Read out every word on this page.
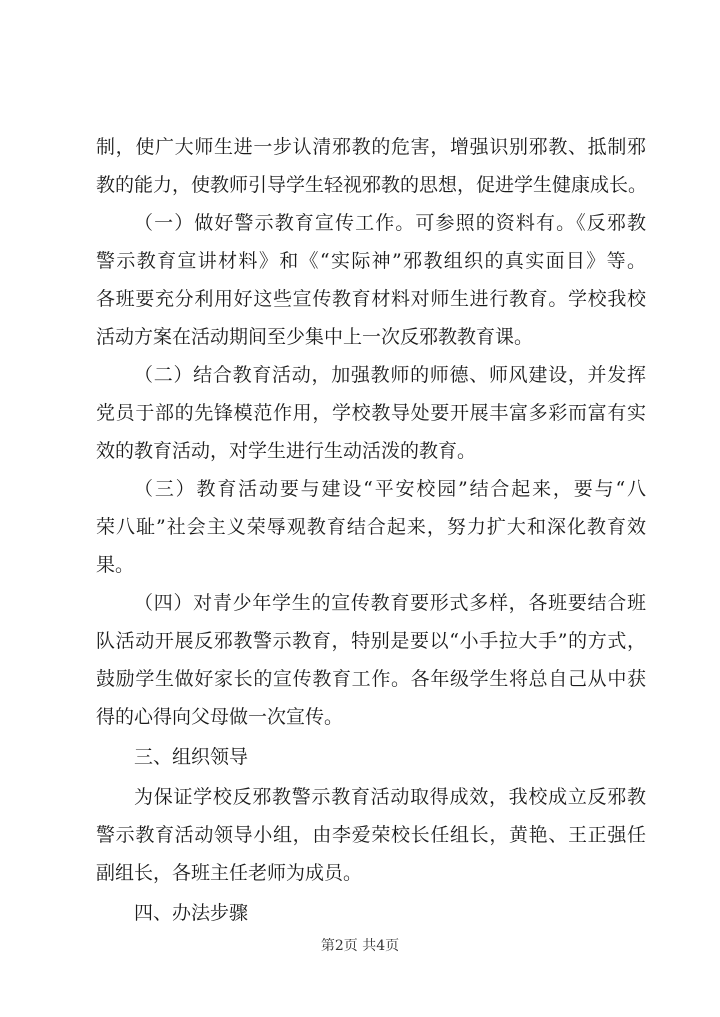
制，使广大师生进一步认清邪教的危害，增强识别邪教、抵制邪
教的能力，使教师引导学生轻视邪教的思想，促进学生健康成长。
（一）做好警示教育宣传工作。可参照的资料有。《反邪教
警示教育宣讲材料》和《“实际神”邪教组织的真实面目》等。
各班要充分利用好这些宣传教育材料对师生进行教育。学校我校
活动方案在活动期间至少集中上一次反邪教教育课。
（二）结合教育活动，加强教师的师德、师风建设，并发挥
党员于部的先锋模范作用，学校教导处要开展丰富多彩而富有实
效的教育活动，对学生进行生动活泼的教育。
（三）教育活动要与建设“平安校园”结合起来，要与“八
荣八耻”社会主义荣辱观教育结合起来，努力扩大和深化教育效
果。
（四）对青少年学生的宣传教育要形式多样，各班要结合班
队活动开展反邪教警示教育，特别是要以“小手拉大手”的方式，
鼓励学生做好家长的宣传教育工作。各年级学生将总自己从中获
得的心得向父母做一次宣传。
三、组织领导
为保证学校反邪教警示教育活动取得成效，我校成立反邪教
警示教育活动领导小组，由李爱荣校长任组长，黄艳、王正强任
副组长，各班主任老师为成员。
四、办法步骤
第2页 共4页
